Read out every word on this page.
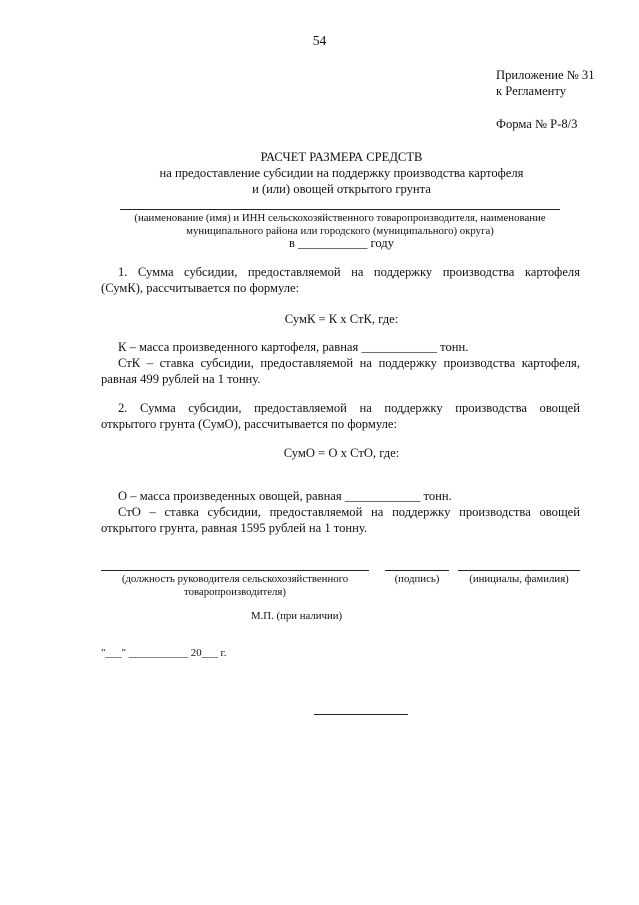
54
Приложение № 31
к Регламенту
Форма № Р-8/3
РАСЧЕТ РАЗМЕРА СРЕДСТВ
на предоставление субсидии на поддержку производства картофеля
и (или) овощей открытого грунта
(наименование (имя) и ИНН сельскохозяйственного товаропроизводителя, наименование
муниципального района или городского (муниципального) округа)
в ___________ году
1. Сумма субсидии, предоставляемой на поддержку производства картофеля
(СумК), рассчитывается по формуле:
СумК = К х СтК, где:
К – масса произведенного картофеля, равная ____________ тонн.
СтК – ставка субсидии, предоставляемой на поддержку производства картофеля,
равная 499 рублей на 1 тонну.
2. Сумма субсидии, предоставляемой на поддержку производства овощей
открытого грунта (СумО), рассчитывается по формуле:
СумО = О х СтО, где:
О – масса произведенных овощей, равная ____________ тонн.
СтО – ставка субсидии, предоставляемой на поддержку производства овощей
открытого грунта, равная 1595 рублей на 1 тонну.
(должность руководителя сельскохозяйственного
товаропроизводителя)
(подпись)	(инициалы, фамилия)
М.П. (при наличии)
"___" ___________ 20___ г.
